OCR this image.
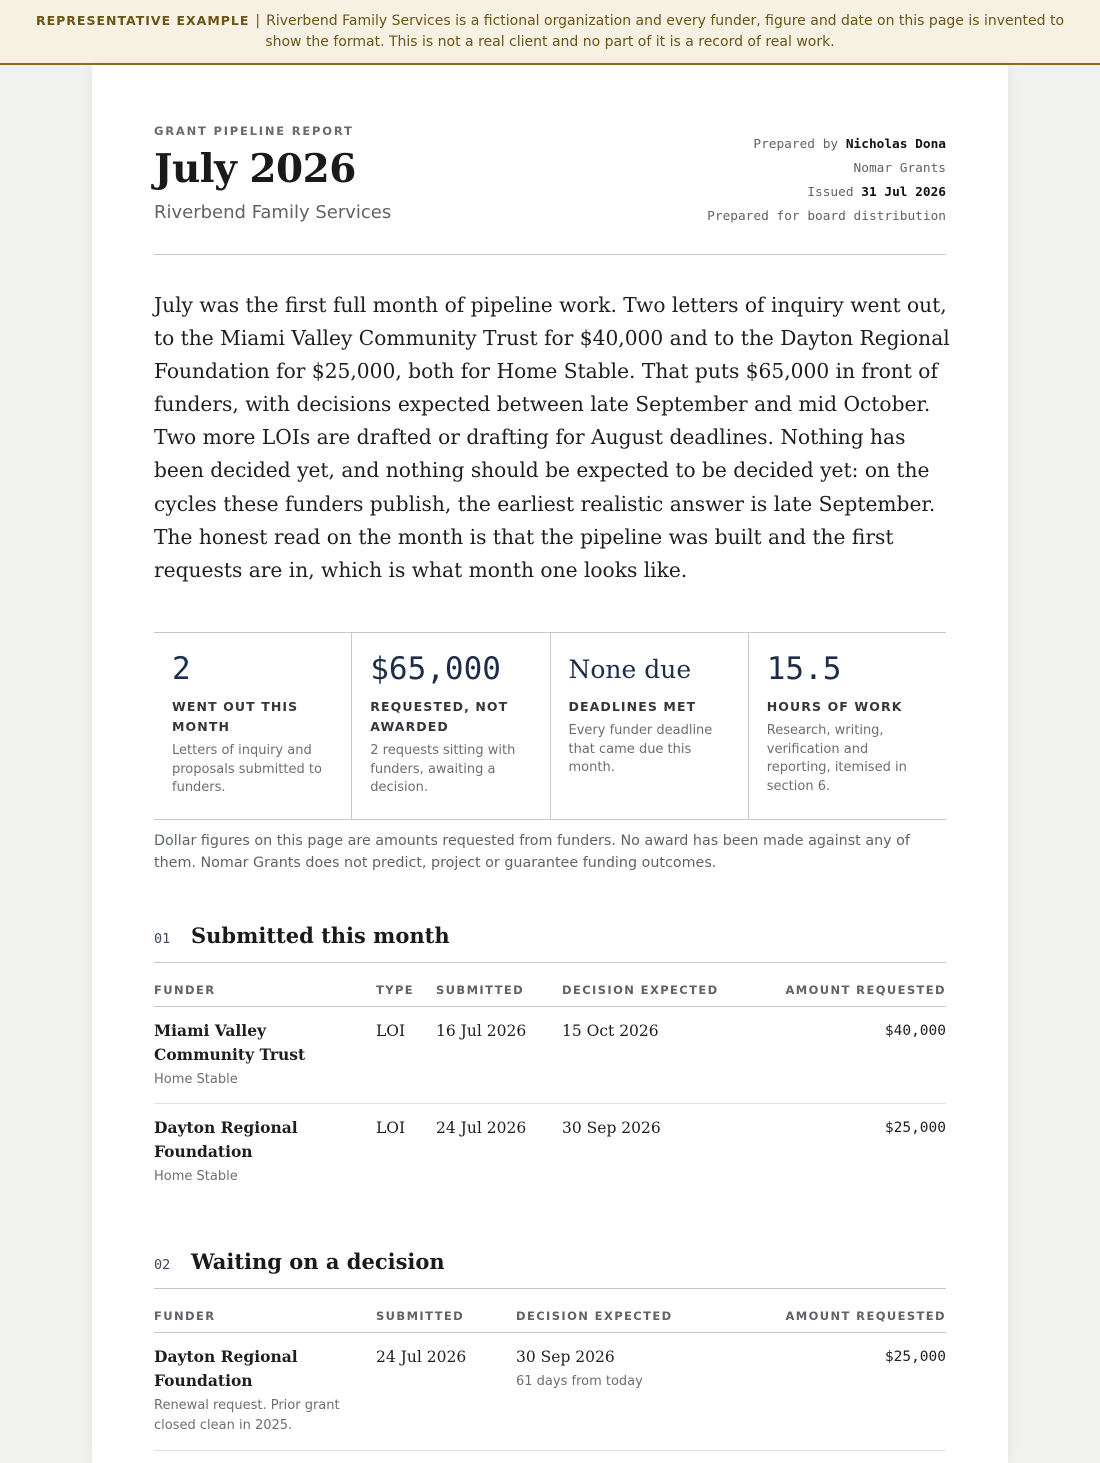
REPRESENTATIVE EXAMPLE | Riverbend Family Services is a fictional organization and every funder, figure and date on this page is invented to show the format. This is not a real client and no part of it is a record of real work.
GRANT PIPELINE REPORT
July 2026
Riverbend Family Services
Prepared by Nicholas Dona
Nomar Grants
Issued 31 Jul 2026
Prepared for board distribution
July was the first full month of pipeline work. Two letters of inquiry went out, to the Miami Valley Community Trust for $40,000 and to the Dayton Regional Foundation for $25,000, both for Home Stable. That puts $65,000 in front of funders, with decisions expected between late September and mid October. Two more LOIs are drafted or drafting for August deadlines. Nothing has been decided yet, and nothing should be expected to be decided yet: on the cycles these funders publish, the earliest realistic answer is late September. The honest read on the month is that the pipeline was built and the first requests are in, which is what month one looks like.
2
WENT OUT THIS MONTH
Letters of inquiry and proposals submitted to funders.
$65,000
REQUESTED, NOT AWARDED
2 requests sitting with funders, awaiting a decision.
None due
DEADLINES MET
Every funder deadline that came due this month.
15.5
HOURS OF WORK
Research, writing, verification and reporting, itemised in section 6.
Dollar figures on this page are amounts requested from funders. No award has been made against any of them. Nomar Grants does not predict, project or guarantee funding outcomes.
01 Submitted this month
FUNDER	TYPE SUBMITTED	DECISION EXPECTED	AMOUNT REQUESTED
Miami Valley Community Trust
Home Stable
LOI 16 Jul 2026 15 Oct 2026	$40,000
Dayton Regional Foundation
Home Stable
LOI 24 Jul 2026 30 Sep 2026	$25,000
02 Waiting on a decision
FUNDER	SUBMITTED	DECISION EXPECTED	AMOUNT REQUESTED
Dayton Regional Foundation
Renewal request. Prior grant closed clean in 2025.
24 Jul 2026	30 Sep 2026
61 days from today
$25,000
